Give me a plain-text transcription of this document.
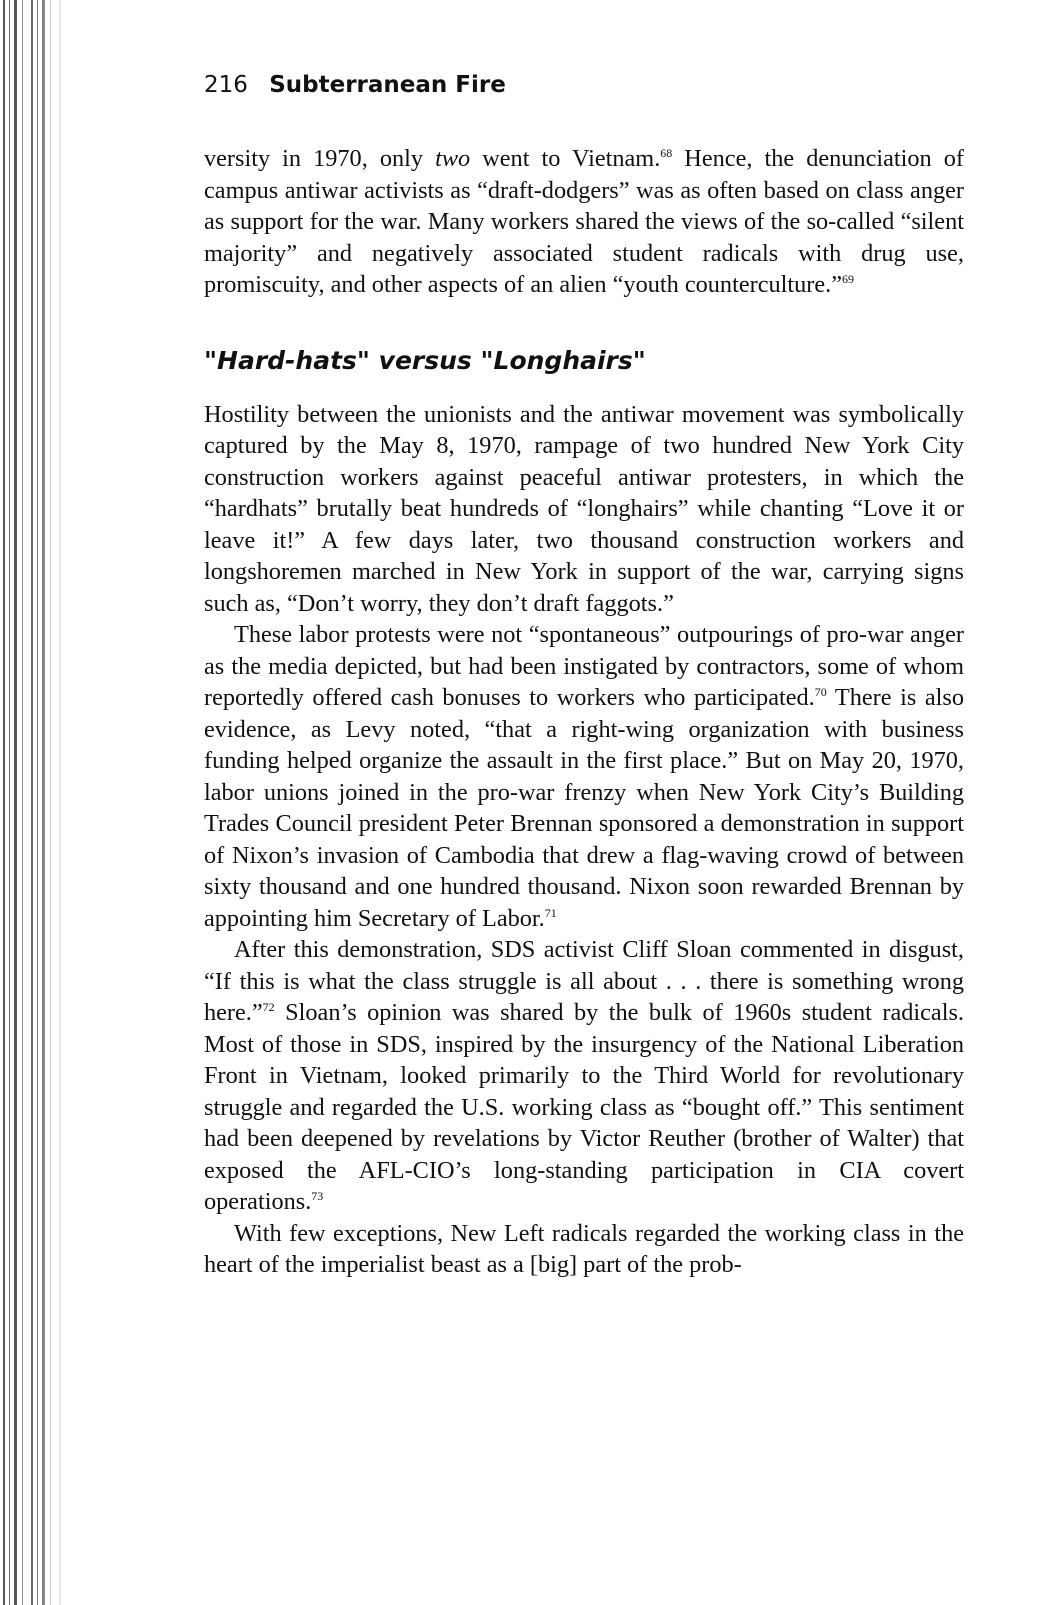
216 Subterranean Fire

versity in 1970, only two went to Vietnam.$^{68}$ Hence, the denunciation of campus antiwar activists as “draft-dodgers” was as often based on class anger as support for the war. Many workers shared the views of the so-called “silent majority” and negatively associated student radicals with drug use, promiscuity, and other aspects of an alien “youth counterculture.”$^{69}$

"Hard-hats" versus "Longhairs"

Hostility between the unionists and the antiwar movement was symbolically captured by the May 8, 1970, rampage of two hundred New York City construction workers against peaceful antiwar protesters, in which the “hardhats” brutally beat hundreds of “longhairs” while chanting “Love it or leave it!” A few days later, two thousand construction workers and longshoremen marched in New York in support of the war, carrying signs such as, “Don’t worry, they don’t draft faggots.”

These labor protests were not “spontaneous” outpourings of pro-war anger as the media depicted, but had been instigated by contractors, some of whom reportedly offered cash bonuses to workers who participated.$^{70}$ There is also evidence, as Levy noted, “that a right-wing organization with business funding helped organize the assault in the first place.” But on May 20, 1970, labor unions joined in the pro-war frenzy when New York City’s Building Trades Council president Peter Brennan sponsored a demonstration in support of Nixon’s invasion of Cambodia that drew a flag-waving crowd of between sixty thousand and one hundred thousand. Nixon soon rewarded Brennan by appointing him Secretary of Labor.$^{71}$

After this demonstration, SDS activist Cliff Sloan commented in disgust, “If this is what the class struggle is all about . . . there is something wrong here.”$^{72}$ Sloan’s opinion was shared by the bulk of 1960s student radicals. Most of those in SDS, inspired by the insurgency of the National Liberation Front in Vietnam, looked primarily to the Third World for revolutionary struggle and regarded the U.S. working class as “bought off.” This sentiment had been deepened by revelations by Victor Reuther (brother of Walter) that exposed the AFL-CIO’s long-standing participation in CIA covert operations.$^{73}$

With few exceptions, New Left radicals regarded the working class in the heart of the imperialist beast as a [big] part of the prob-
